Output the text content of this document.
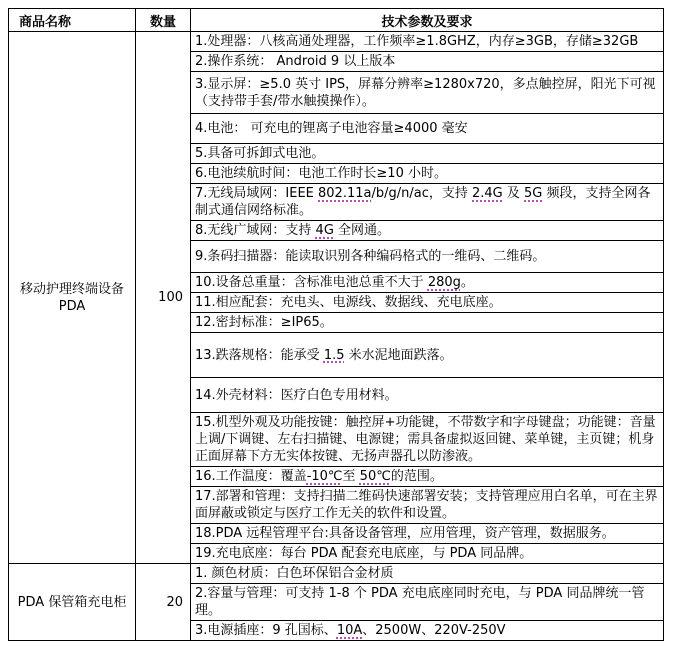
商品名称	数量	技术参数及要求
移动护理终端设备
PDA	100	1.处理器：八核高通处理器，工作频率≥1.8GHZ，内存≥3GB，存储≥32GB
		2.操作系统： Android 9 以上版本
		3.显示屏：≥5.0 英寸 IPS，屏幕分辨率≥1280x720，多点触控屏，阳光下可视（支持带手套/带水触摸操作）。
		4.电池： 可充电的锂离子电池容量≥4000 毫安
		5.具备可拆卸式电池。
		6.电池续航时间：电池工作时长≥10 小时。
		7.无线局域网：IEEE 802.11a/b/g/n/ac，支持 2.4G 及 5G 频段，支持全网各制式通信网络标准。
		8.无线广域网：支持 4G 全网通。
		9.条码扫描器：能读取识别各种编码格式的一维码、二维码。
		10.设备总重量：含标准电池总重不大于 280g。
		11.相应配套：充电头、电源线、数据线、充电底座。
		12.密封标准：≥IP65。
		13.跌落规格：能承受 1.5 米水泥地面跌落。
		14.外壳材料：医疗白色专用材料。
		15.机型外观及功能按键：触控屏+功能键，不带数字和字母键盘；功能键：音量上调/下调键、左右扫描键、电源键；需具备虚拟返回键、菜单键，主页键；机身正面屏幕下方无实体按键、无扬声器孔以防渗液。
		16.工作温度：覆盖-10℃至 50℃的范围。
		17.部署和管理：支持扫描二维码快速部署安装；支持管理应用白名单，可在主界面屏蔽或锁定与医疗工作无关的软件和设置。
		18.PDA 远程管理平台:具备设备管理，应用管理，资产管理，数据服务。
		19.充电底座：每台 PDA 配套充电底座，与 PDA 同品牌。
PDA 保管箱充电柜	20	1. 颜色材质：白色环保铝合金材质
		2.容量与管理：可支持 1-8 个 PDA 充电底座同时充电，与 PDA 同品牌统一管理。
		3.电源插座：9 孔国标、10A、2500W、220V-250V
